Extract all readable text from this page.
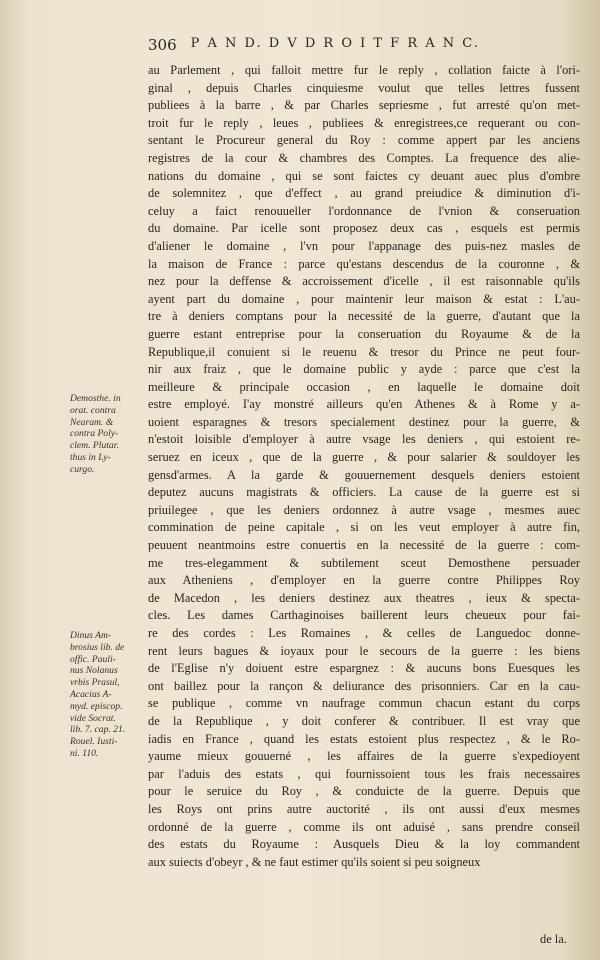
306 P A N D. D V D R O I T F R A N C.
au Parlement , qui falloit mettre fur le reply , collation faicte à l'ori-
ginal , depuis Charles cinquiesme voulut que telles lettres fussent
publiees à la barre , & par Charles sepriesme , fut arresté qu'on met-
troit fur le reply , leues , publiees & enregistrees,ce requerant ou con-
sentant le Procureur general du Roy : comme appert par les anciens
registres de la cour & chambres des Comptes. La frequence des alie-
nations du domaine , qui se sont faictes cy deuant auec plus d'ombre
de solemnitez , que d'effect , au grand preiudice & diminution d'i-
celuy a faict renouueller l'ordonnance de l'vnion & conseruation
du domaine. Par icelle sont proposez deux cas , esquels est permis
d'aliener le domaine , l'vn pour l'appanage des puis-nez masles de
la maison de France : parce qu'estans descendus de la couronne , &
nez pour la deffense & accroissement d'icelle , il est raisonnable qu'ils
ayent part du domaine , pour maintenir leur maison & estat : L'au-
tre à deniers comptans pour la necessité de la guerre, d'autant que la
guerre estant entreprise pour la conseruation du Royaume & de la
Republique,il conuient si le reuenu & tresor du Prince ne peut four-
nir aux fraiz , que le domaine public y ayde : parce que c'est la
meilleure & principale occasion , en laquelle le domaine doit
estre employé. I'ay monstré ailleurs qu'en Athenes & à Rome y a-
uoient esparagnes & tresors specialement destinez pour la guerre, &
n'estoit loisible d'employer à autre vsage les deniers , qui estoient re-
seruez en iceux , que de la guerre , & pour salarier & souldoyer les
gensd'armes. A la garde & gouuernement desquels deniers estoient
deputez aucuns magistrats & officiers. La cause de la guerre est si
priuilegee , que les deniers ordonnez à autre vsage , mesmes auec
commination de peine capitale , si on les veut employer à autre fin,
peuuent neantmoins estre conuertis en la necessité de la guerre : com-
me tres-elegamment & subtilement sceut Demosthene persuader
aux Atheniens , d'employer en la guerre contre Philippes Roy
de Macedon , les deniers destinez aux theatres , ieux & specta-
cles. Les dames Carthaginoises baillerent leurs cheueux pour fai-
re des cordes : Les Romaines , & celles de Languedoc donne-
rent leurs bagues & ioyaux pour le secours de la guerre : les biens
de l'Eglise n'y doiuent estre espargnez : & aucuns bons Euesques les
ont baillez pour la rançon & deliurance des prisonniers. Car en la cau-
se publique , comme vn naufrage commun chacun estant du corps
de la Republique , y doit conferer & contribuer. Il est vray que
iadis en France , quand les estats estoient plus respectez , & le Ro-
yaume mieux gouuerné , les affaires de la guerre s'expedioyent
par l'aduis des estats , qui fournissoient tous les frais necessaires
pour le seruice du Roy , & conduicte de la guerre. Depuis que
les Roys ont prins autre auctorité , ils ont aussi d'eux mesmes
ordonné de la guerre , comme ils ont aduisé , sans prendre conseil
des estats du Royaume : Ausquels Dieu & la loy commandent
aux suiects d'obeyr , & ne faut estimer qu'ils soient si peu soigneux
Demosthe. in
orat. contra
Nearam. &
contra Poly-
clem. Plutar.
thus in Ly-
curgo.
Dinus Am-
brosius lib. de
offic. Pauli-
nus Nolanus
vrbis Prasul,
Acacius A-
myd. episcop.
vide Socrat.
lib. 7. cap. 21.
Rouel. Iusti-
ni. 110.
de la.
